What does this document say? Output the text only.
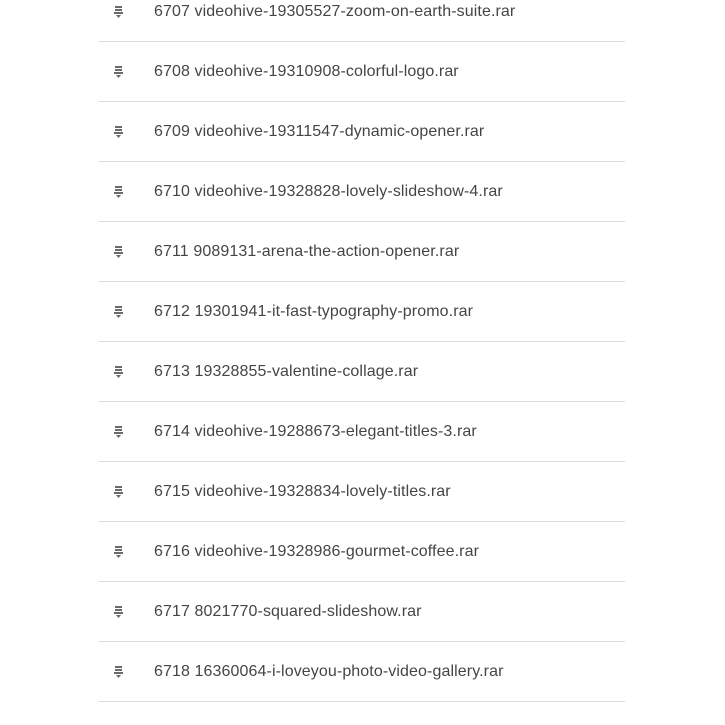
6707 videohive-19305527-zoom-on-earth-suite.rar
6708 videohive-19310908-colorful-logo.rar
6709 videohive-19311547-dynamic-opener.rar
6710 videohive-19328828-lovely-slideshow-4.rar
6711 9089131-arena-the-action-opener.rar
6712 19301941-it-fast-typography-promo.rar
6713 19328855-valentine-collage.rar
6714 videohive-19288673-elegant-titles-3.rar
6715 videohive-19328834-lovely-titles.rar
6716 videohive-19328986-gourmet-coffee.rar
6717 8021770-squared-slideshow.rar
6718 16360064-i-loveyou-photo-video-gallery.rar
